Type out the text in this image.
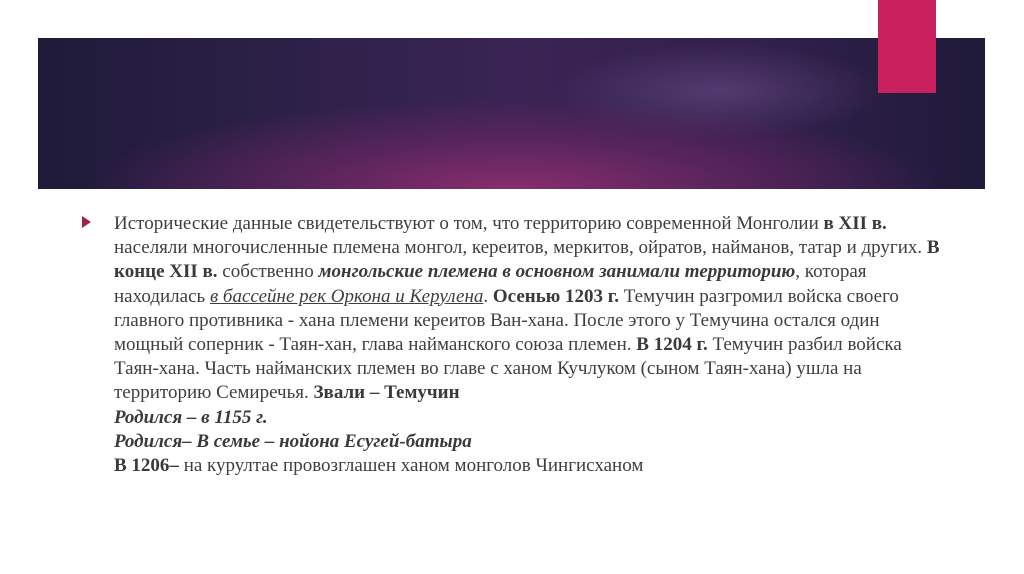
Исторические данные свидетельствуют о том, что территорию современной Монголии в XII в. населяли многочисленные племена монгол, кереитов, меркитов, ойратов, найманов, татар и других. В конце XII в. собственно монгольские племена в основном занимали территорию, которая находилась в бассейне рек Оркона и Керулена. Осенью 1203 г. Темучин разгромил войска своего главного противника - хана племени кереитов Ван-хана. После этого у Темучина остался один мощный соперник - Таян-хан, глава найманского союза племен. В 1204 г. Темучин разбил войска Таян-хана. Часть найманских племен во главе с ханом Кучлуком (сыном Таян-хана) ушла на территорию Семиречья. Звали – Темучин
Родился – в 1155 г.
Родился– В семье – нойона Есугей-батыра
В 1206– на курултае провозглашен ханом монголов Чингисханом
